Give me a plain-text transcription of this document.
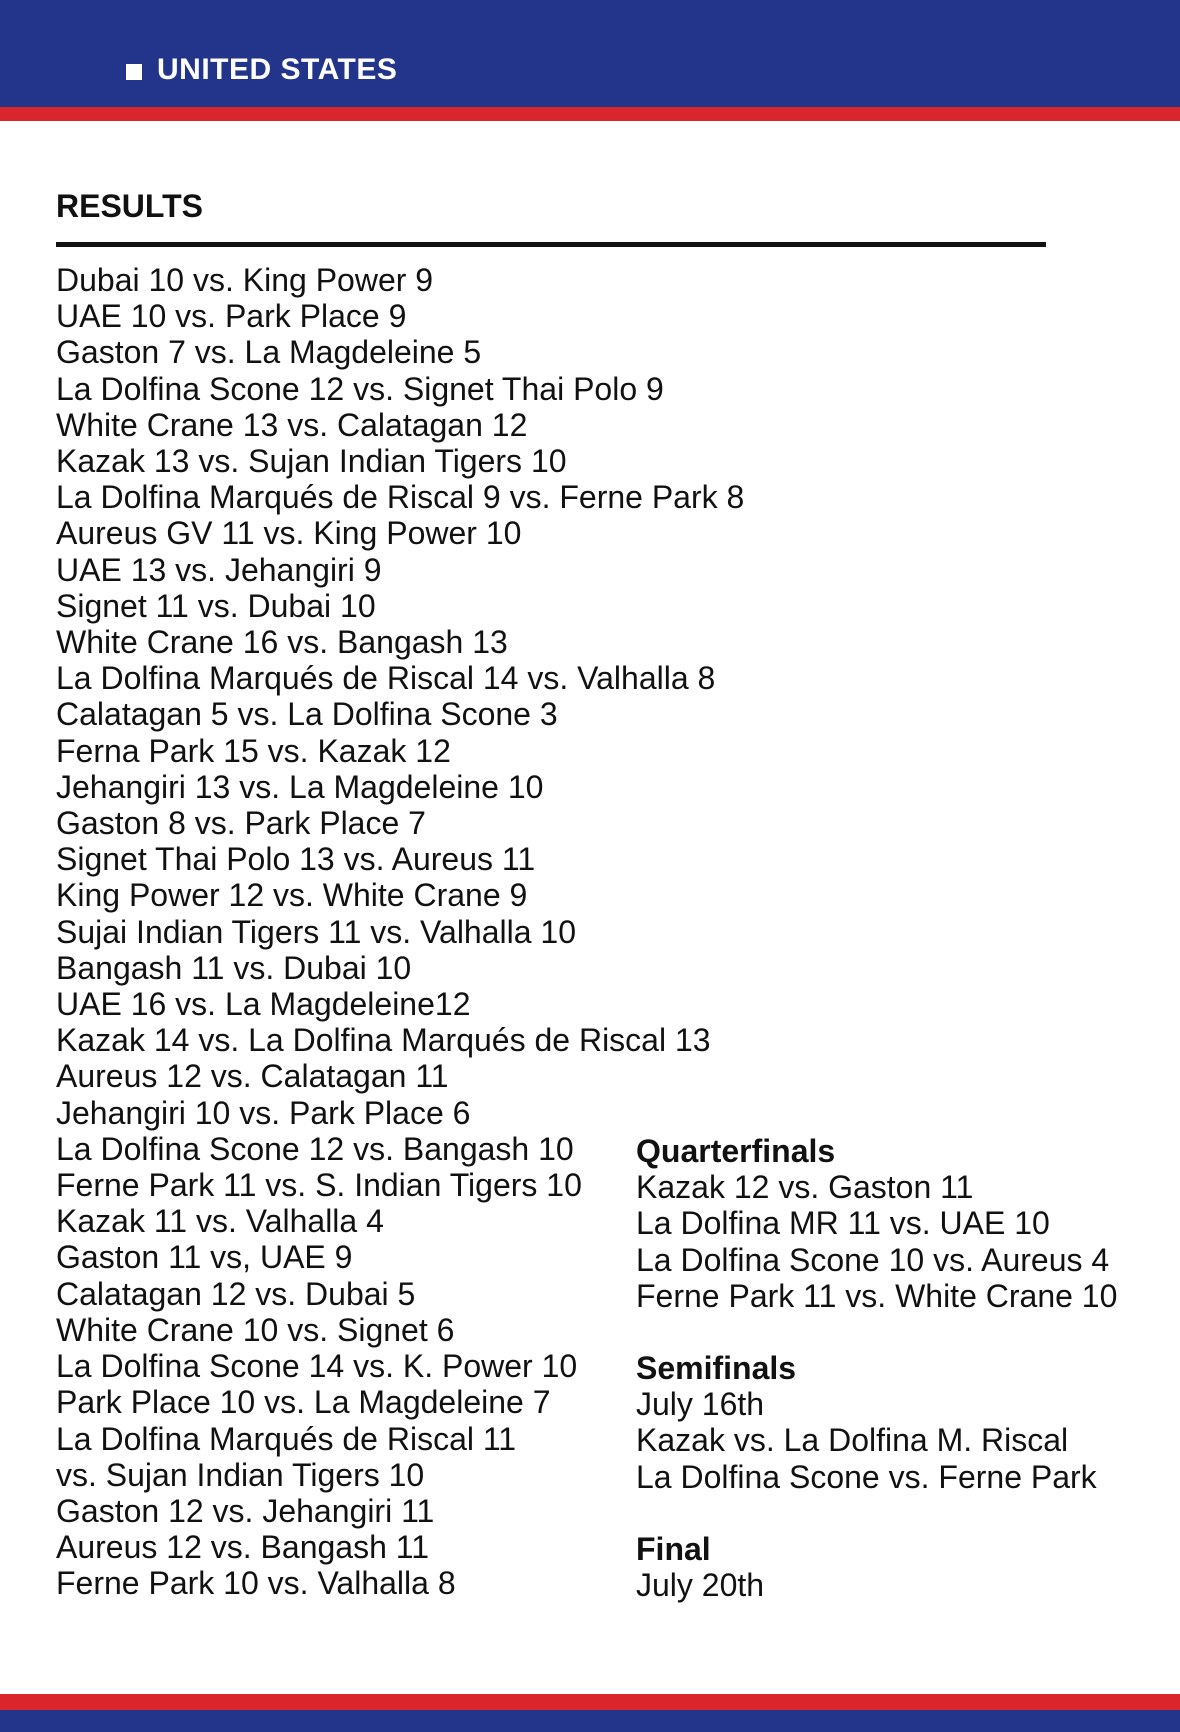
UNITED STATES
RESULTS
Dubai 10 vs. King Power 9
UAE 10 vs. Park Place 9
Gaston 7 vs. La Magdeleine 5
La Dolfina Scone 12 vs. Signet Thai Polo 9
White Crane 13 vs. Calatagan 12
Kazak 13 vs. Sujan Indian Tigers 10
La Dolfina Marqués de Riscal 9 vs. Ferne Park 8
Aureus GV 11 vs. King Power 10
UAE 13 vs. Jehangiri 9
Signet 11 vs. Dubai 10
White Crane 16 vs. Bangash 13
La Dolfina Marqués de Riscal 14 vs. Valhalla 8
Calatagan 5 vs. La Dolfina Scone 3
Ferna Park 15 vs. Kazak 12
Jehangiri 13 vs. La Magdeleine 10
Gaston 8 vs. Park Place 7
Signet Thai Polo 13 vs. Aureus 11
King Power 12 vs. White Crane 9
Sujai Indian Tigers 11 vs. Valhalla 10
Bangash 11 vs. Dubai 10
UAE 16 vs. La Magdeleine12
Kazak 14 vs. La Dolfina Marqués de Riscal 13
Aureus 12 vs. Calatagan 11
Jehangiri 10 vs. Park Place 6
La Dolfina Scone 12 vs. Bangash 10
Ferne Park 11 vs. S. Indian Tigers 10
Kazak 11 vs. Valhalla 4
Gaston 11 vs, UAE 9
Calatagan 12 vs. Dubai 5
White Crane 10 vs. Signet 6
La Dolfina Scone 14 vs. K. Power 10
Park Place 10 vs. La Magdeleine 7
La Dolfina Marqués de Riscal 11
vs. Sujan Indian Tigers 10
Gaston 12 vs. Jehangiri 11
Aureus 12 vs. Bangash 11
Ferne Park 10 vs. Valhalla 8
Quarterfinals
Kazak 12 vs. Gaston 11
La Dolfina MR 11 vs. UAE 10
La Dolfina Scone 10 vs. Aureus 4
Ferne Park 11 vs. White Crane 10
Semifinals
July 16th
Kazak vs. La Dolfina M. Riscal
La Dolfina Scone vs. Ferne Park
Final
July 20th
